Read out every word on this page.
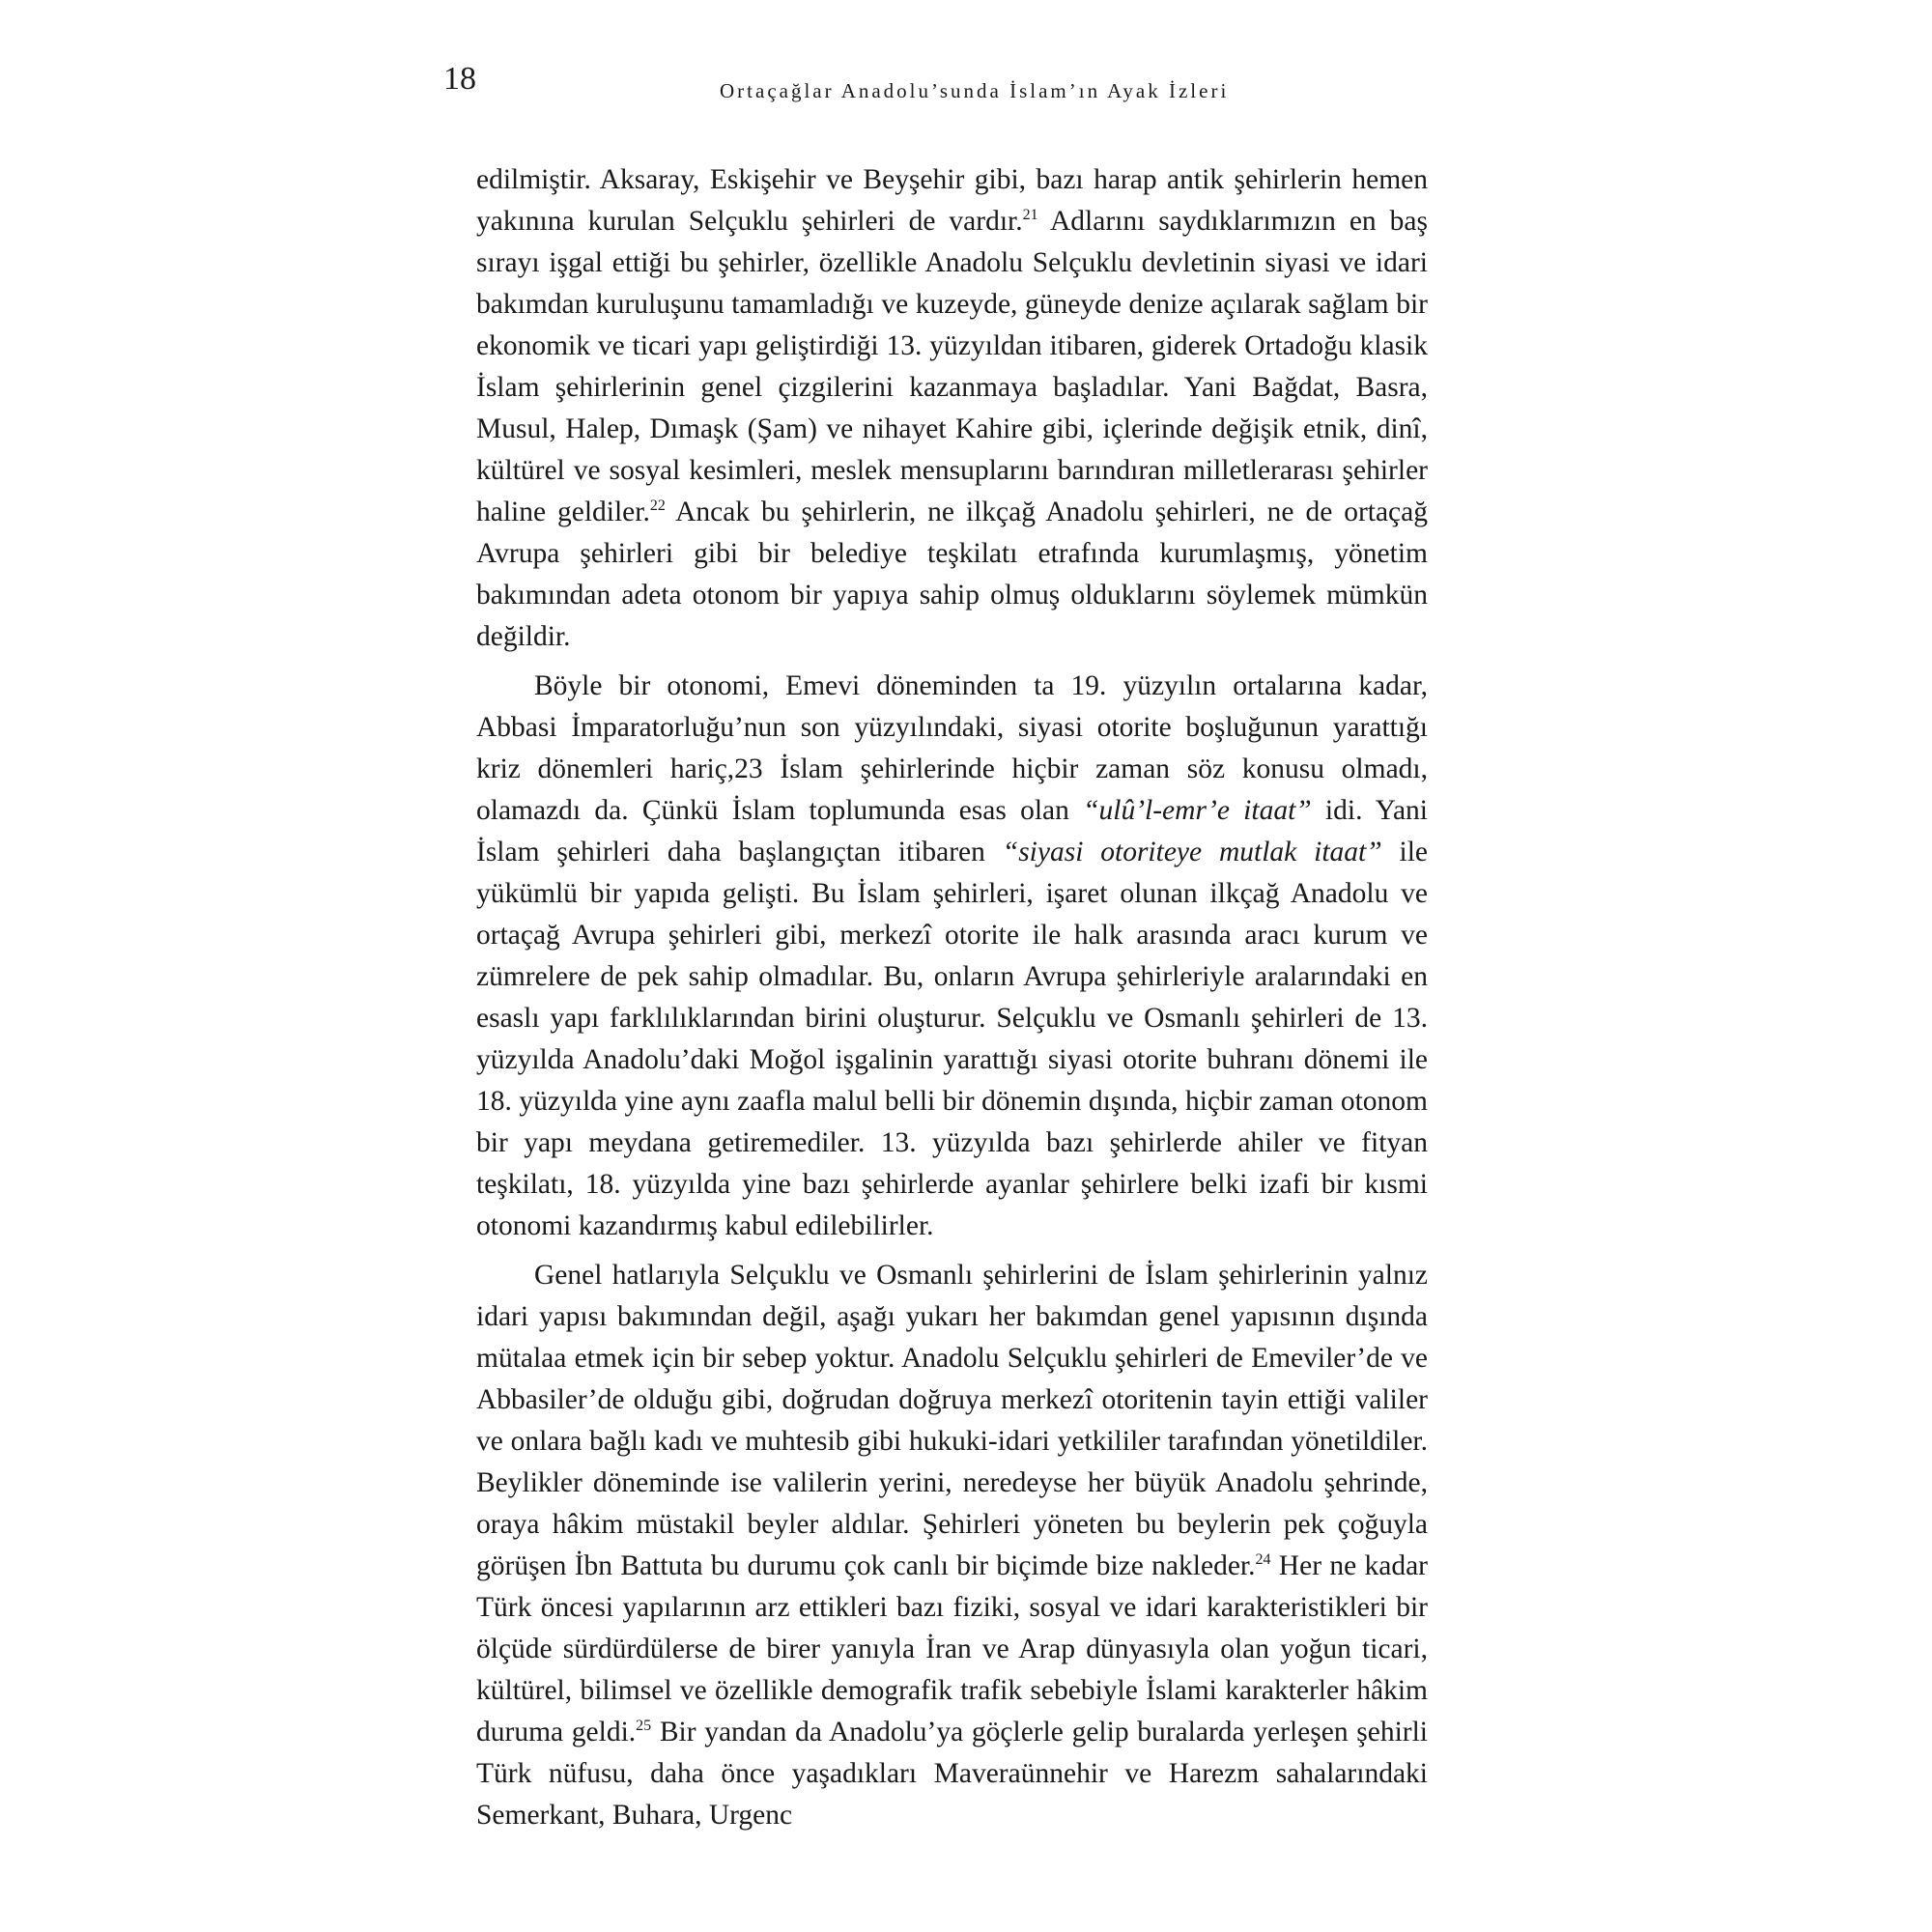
18	Ortaçağlar Anadolu’sunda İslam’ın Ayak İzleri

edilmiştir. Aksaray, Eskişehir ve Beyşehir gibi, bazı harap antik şehirlerin hemen yakınına kurulan Selçuklu şehirleri de vardır.$^{21}$ Adlarını saydıklarımızın en baş sırayı işgal ettiği bu şehirler, özellikle Anadolu Selçuklu devletinin siyasi ve idari bakımdan kuruluşunu tamamladığı ve kuzeyde, güneyde denize açılarak sağlam bir ekonomik ve ticari yapı geliştirdiği 13. yüzyıldan itibaren, giderek Ortadoğu klasik İslam şehirlerinin genel çizgilerini kazanmaya başladılar. Yani Bağdat, Basra, Musul, Halep, Dımaşk (Şam) ve nihayet Kahire gibi, içlerinde değişik etnik, dinî, kültürel ve sosyal kesimleri, meslek mensuplarını barındıran milletlerarası şehirler haline geldiler.$^{22}$ Ancak bu şehirlerin, ne ilkçağ Anadolu şehirleri, ne de ortaçağ Avrupa şehirleri gibi bir belediye teşkilatı etrafında kurumlaşmış, yönetim bakımından adeta otonom bir yapıya sahip olmuş olduklarını söylemek mümkün değildir.

Böyle bir otonomi, Emevi döneminden ta 19. yüzyılın ortalarına kadar, Abbasi İmparatorluğu’nun son yüzyılındaki, siyasi otorite boşluğunun yarattığı kriz dönemleri hariç,23 İslam şehirlerinde hiçbir zaman söz konusu olmadı, olamazdı da. Çünkü İslam toplumunda esas olan “ulû’l-emr’e itaat” idi. Yani İslam şehirleri daha başlangıçtan itibaren “siyasi otoriteye mutlak itaat” ile yükümlü bir yapıda gelişti. Bu İslam şehirleri, işaret olunan ilkçağ Anadolu ve ortaçağ Avrupa şehirleri gibi, merkezî otorite ile halk arasında aracı kurum ve zümrelere de pek sahip olmadılar. Bu, onların Avrupa şehirleriyle aralarındaki en esaslı yapı farklılıklarından birini oluşturur. Selçuklu ve Osmanlı şehirleri de 13. yüzyılda Anadolu’daki Moğol işgalinin yarattığı siyasi otorite buhranı dönemi ile 18. yüzyılda yine aynı zaafla malul belli bir dönemin dışında, hiçbir zaman otonom bir yapı meydana getiremediler. 13. yüzyılda bazı şehirlerde ahiler ve fityan teşkilatı, 18. yüzyılda yine bazı şehirlerde ayanlar şehirlere belki izafi bir kısmi otonomi kazandırmış kabul edilebilirler.

Genel hatlarıyla Selçuklu ve Osmanlı şehirlerini de İslam şehirlerinin yalnız idari yapısı bakımından değil, aşağı yukarı her bakımdan genel yapısının dışında mütalaa etmek için bir sebep yoktur. Anadolu Selçuklu şehirleri de Emeviler’de ve Abbasiler’de olduğu gibi, doğrudan doğruya merkezî otoritenin tayin ettiği valiler ve onlara bağlı kadı ve muhtesib gibi hukuki-idari yetkililer tarafından yönetildiler. Beylikler döneminde ise valilerin yerini, neredeyse her büyük Anadolu şehrinde, oraya hâkim müstakil beyler aldılar. Şehirleri yöneten bu beylerin pek çoğuyla görüşen İbn Battuta bu durumu çok canlı bir biçimde bize nakleder.$^{24}$ Her ne kadar Türk öncesi yapılarının arz ettikleri bazı fiziki, sosyal ve idari karakteristikleri bir ölçüde sürdürdülerse de birer yanıyla İran ve Arap dünyasıyla olan yoğun ticari, kültürel, bilimsel ve özellikle demografik trafik sebebiyle İslami karakterler hâkim duruma geldi.$^{25}$ Bir yandan da Anadolu’ya göçlerle gelip buralarda yerleşen şehirli Türk nüfusu, daha önce yaşadıkları Maveraünnehir ve Harezm sahalarındaki Semerkant, Buhara, Urgenc
